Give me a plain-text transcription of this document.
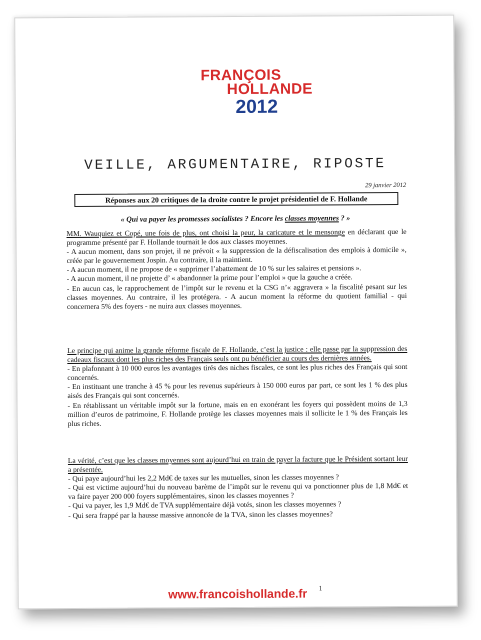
FRANÇOIS
HOLLANDE
2012
VEILLE, ARGUMENTAIRE, RIPOSTE
29 janvier 2012
Réponses aux 20 critiques de la droite contre le projet présidentiel de F. Hollande
« Qui va payer les promesses socialistes ? Encore les classes moyennes ? »

MM. Wauquiez et Copé, une fois de plus, ont choisi la peur, la caricature et le mensonge en déclarant que le programme présenté par F. Hollande tournait le dos aux classes moyennes.

- A aucun moment, dans son projet, il ne prévoit « la suppression de la défiscalisation des emplois à domicile », créée par le gouvernement Jospin. Au contraire, il la maintient.

- A aucun moment, il ne propose de « supprimer l’abattement de 10 % sur les salaires et pensions ».

- A aucun moment, il ne projette d’ « abandonner la prime pour l’emploi » que la gauche a créée.

- En aucun cas, le rapprochement de l’impôt sur le revenu et la CSG n’« aggravera » la fiscalité pesant sur les classes moyennes. Au contraire, il les protégera. - A aucun moment la réforme du quotient familial - qui concernera 5% des foyers - ne nuira aux classes moyennes.

Le principe qui anime la grande réforme fiscale de F. Hollande, c’est la justice : elle passe par la suppression des cadeaux fiscaux dont les plus riches des Français seuls ont pu bénéficier au cours des dernières années.

- En plafonnant à 10 000 euros les avantages tirés des niches fiscales, ce sont les plus riches des Français qui sont concernés.

- En instituant une tranche à 45 % pour les revenus supérieurs à 150 000 euros par part, ce sont les 1 % des plus aisés des Français qui sont concernés.

- En rétablissant un véritable impôt sur la fortune, mais en en exonérant les foyers qui possèdent moins de 1,3 million d’euros de patrimoine, F. Hollande protège les classes moyennes mais il sollicite le 1 % des Français les plus riches.

La vérité, c’est que les classes moyennes sont aujourd’hui en train de payer la facture que le Président sortant leur a présentée.

- Qui paye aujourd’hui les 2,2 Md€ de taxes sur les mutuelles, sinon les classes moyennes ?

- Qui est victime aujourd’hui du nouveau barème de l’impôt sur le revenu qui va ponctionner plus de 1,8 Md€ et va faire payer 200 000 foyers supplémentaires, sinon les classes moyennes ?

- Qui va payer, les 1,9 Md€ de TVA supplémentaire déjà votés, sinon les classes moyennes ?

- Qui sera frappé par la hausse massive annoncée de la TVA, sinon les classes moyennes?

www.francoishollande.fr	1
